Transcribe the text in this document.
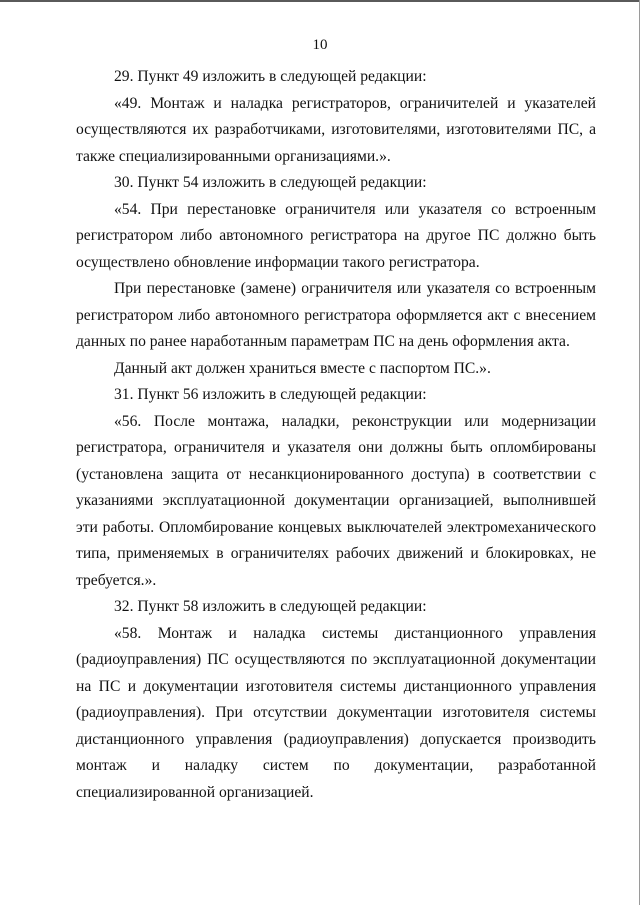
10

29. Пункт 49 изложить в следующей редакции:

«49. Монтаж и наладка регистраторов, ограничителей и указателей осуществляются их разработчиками, изготовителями, изготовителями ПС, а также специализированными организациями.».

30. Пункт 54 изложить в следующей редакции:

«54. При перестановке ограничителя или указателя со встроенным регистратором либо автономного регистратора на другое ПС должно быть осуществлено обновление информации такого регистратора.

При перестановке (замене) ограничителя или указателя со встроенным регистратором либо автономного регистратора оформляется акт с внесением данных по ранее наработанным параметрам ПС на день оформления акта.

Данный акт должен храниться вместе с паспортом ПС.».

31. Пункт 56 изложить в следующей редакции:

«56. После монтажа, наладки, реконструкции или модернизации регистратора, ограничителя и указателя они должны быть опломбированы (установлена защита от несанкционированного доступа) в соответствии с указаниями эксплуатационной документации организацией, выполнившей эти работы. Опломбирование концевых выключателей электромеханического типа, применяемых в ограничителях рабочих движений и блокировках, не требуется.».

32. Пункт 58 изложить в следующей редакции:

«58. Монтаж и наладка системы дистанционного управления (радиоуправления) ПС осуществляются по эксплуатационной документации на ПС и документации изготовителя системы дистанционного управления (радиоуправления). При отсутствии документации изготовителя системы дистанционного управления (радиоуправления) допускается производить монтаж и наладку систем по документации, разработанной специализированной организацией.
